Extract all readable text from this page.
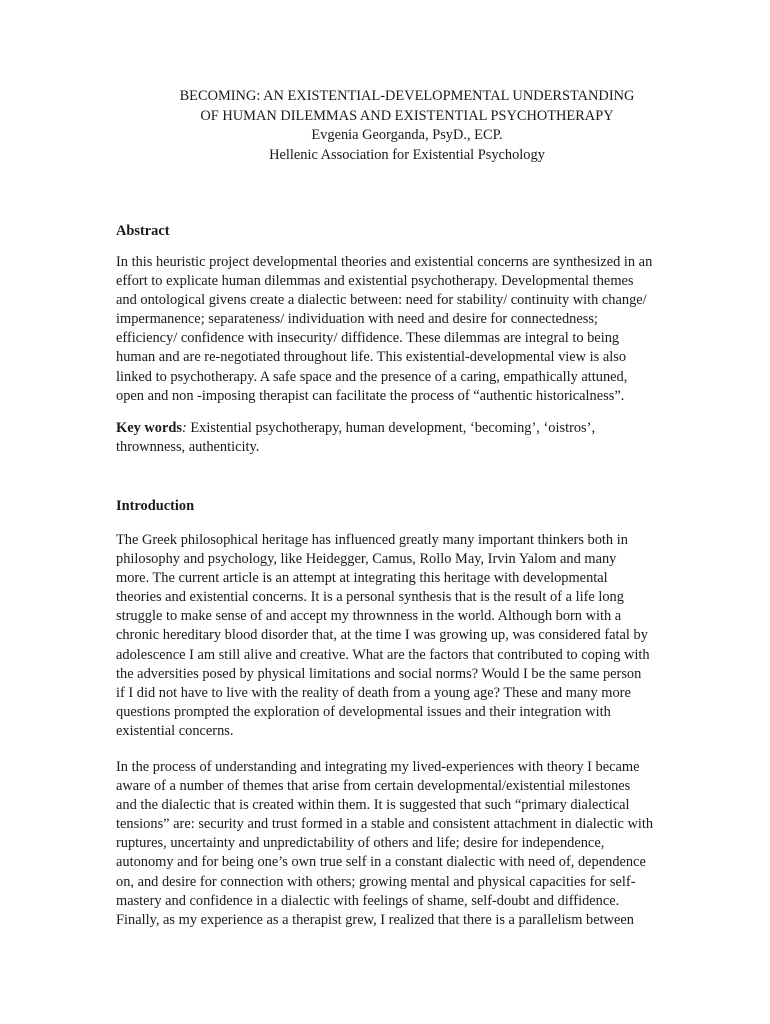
BECOMING: AN EXISTENTIAL-DEVELOPMENTAL UNDERSTANDING
OF HUMAN DILEMMAS AND EXISTENTIAL PSYCHOTHERAPY
Evgenia Georganda, PsyD., ECP.
Hellenic Association for Existential Psychology
Abstract
In this heuristic project developmental theories and existential concerns are synthesized in an
effort to explicate human dilemmas and existential psychotherapy. Developmental themes
and ontological givens create a dialectic between: need for stability/ continuity with change/
impermanence; separateness/ individuation with need and desire for connectedness;
efficiency/ confidence with insecurity/ diffidence. These dilemmas are integral to being
human and are re-negotiated throughout life. This existential-developmental view is also
linked to psychotherapy. A safe space and the presence of a caring, empathically attuned,
open and non -imposing therapist can facilitate the process of “authentic historicalness”.
Key words: Existential psychotherapy, human development, ‘becoming’, ‘oistros’,
thrownness, authenticity.
Introduction
The Greek philosophical heritage has influenced greatly many important thinkers both in
philosophy and psychology, like Heidegger, Camus, Rollo May, Irvin Yalom and many
more. The current article is an attempt at integrating this heritage with developmental
theories and existential concerns. It is a personal synthesis that is the result of a life long
struggle to make sense of and accept my thrownness in the world. Although born with a
chronic hereditary blood disorder that, at the time I was growing up, was considered fatal by
adolescence I am still alive and creative. What are the factors that contributed to coping with
the adversities posed by physical limitations and social norms? Would I be the same person
if I did not have to live with the reality of death from a young age? These and many more
questions prompted the exploration of developmental issues and their integration with
existential concerns.
In the process of understanding and integrating my lived-experiences with theory I became
aware of a number of themes that arise from certain developmental/existential milestones
and the dialectic that is created within them. It is suggested that such “primary dialectical
tensions” are: security and trust formed in a stable and consistent attachment in dialectic with
ruptures, uncertainty and unpredictability of others and life; desire for independence,
autonomy and for being one’s own true self in a constant dialectic with need of, dependence
on, and desire for connection with others; growing mental and physical capacities for self-
mastery and confidence in a dialectic with feelings of shame, self-doubt and diffidence.
Finally, as my experience as a therapist grew, I realized that there is a parallelism between
